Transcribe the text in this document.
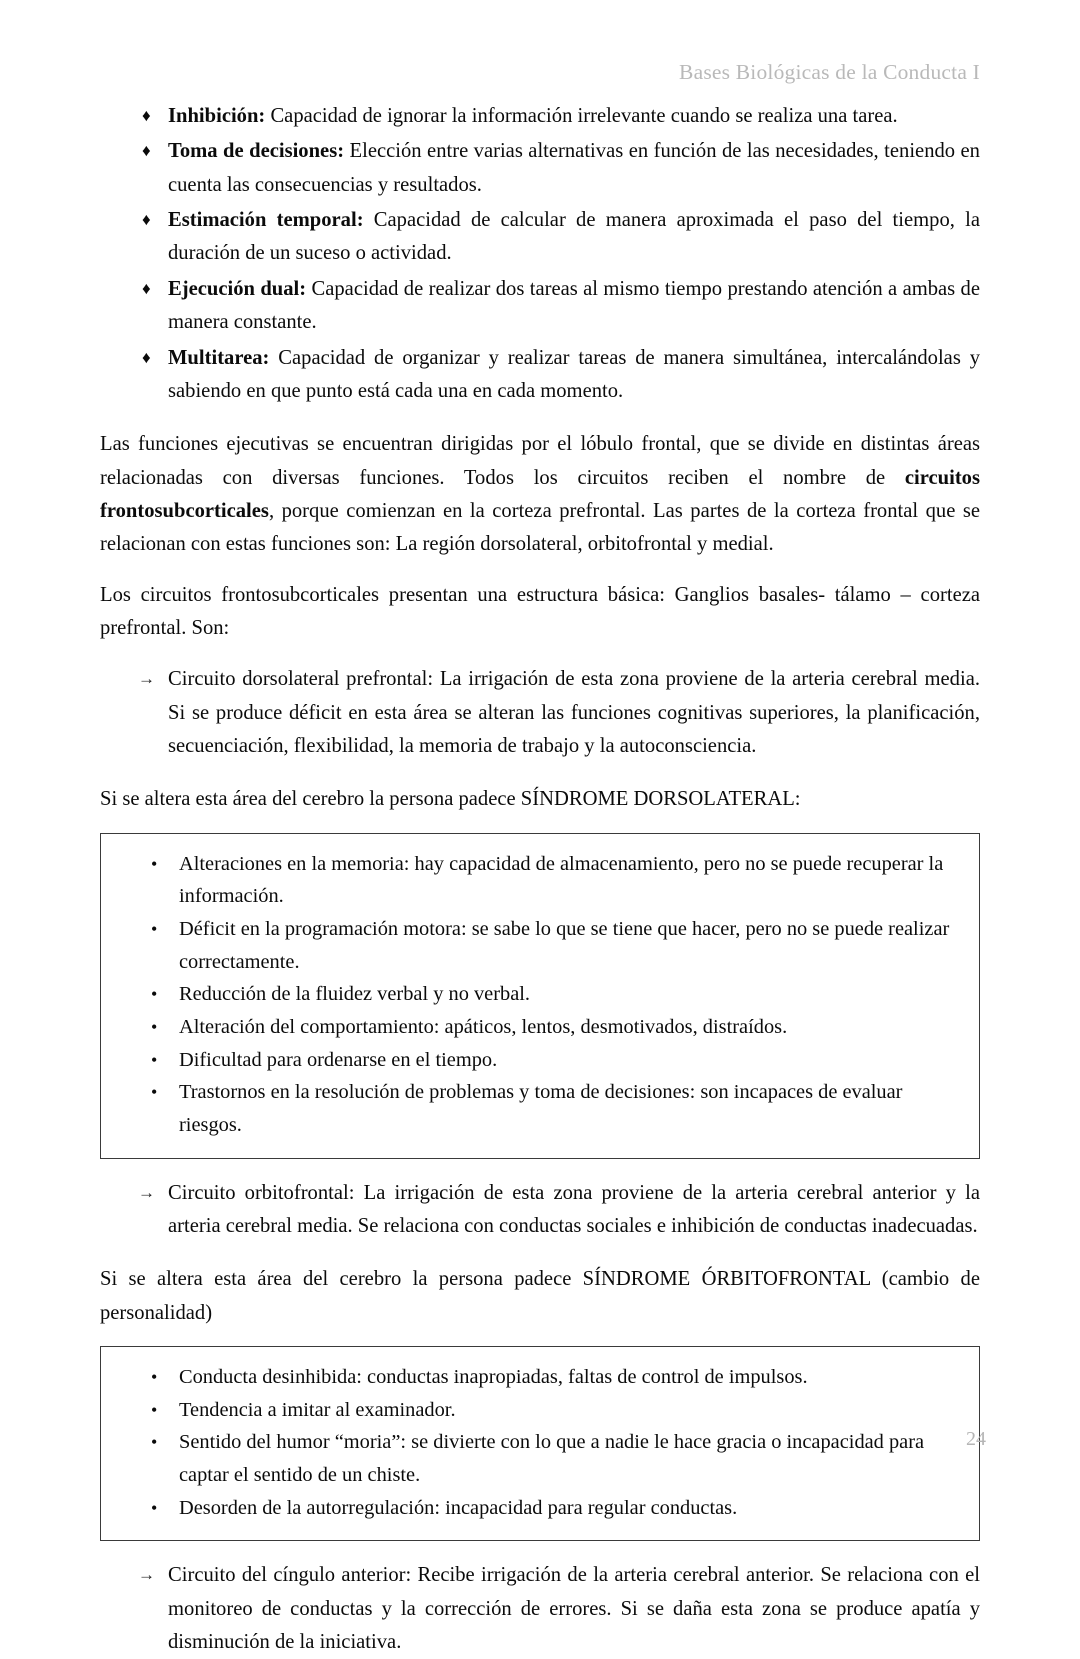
Bases Biológicas de la Conducta I
♦ Inhibición: Capacidad de ignorar la información irrelevante cuando se realiza una tarea.
♦ Toma de decisiones: Elección entre varias alternativas en función de las necesidades, teniendo en cuenta las consecuencias y resultados.
♦ Estimación temporal: Capacidad de calcular de manera aproximada el paso del tiempo, la duración de un suceso o actividad.
♦ Ejecución dual: Capacidad de realizar dos tareas al mismo tiempo prestando atención a ambas de manera constante.
♦ Multitarea: Capacidad de organizar y realizar tareas de manera simultánea, intercalándolas y sabiendo en que punto está cada una en cada momento.

Las funciones ejecutivas se encuentran dirigidas por el lóbulo frontal, que se divide en distintas áreas relacionadas con diversas funciones. Todos los circuitos reciben el nombre de circuitos frontosubcorticales, porque comienzan en la corteza prefrontal. Las partes de la corteza frontal que se relacionan con estas funciones son: La región dorsolateral, orbitofrontal y medial.

Los circuitos frontosubcorticales presentan una estructura básica: Ganglios basales- tálamo – corteza prefrontal. Son:

→ Circuito dorsolateral prefrontal: La irrigación de esta zona proviene de la arteria cerebral media. Si se produce déficit en esta área se alteran las funciones cognitivas superiores, la planificación, secuenciación, flexibilidad, la memoria de trabajo y la autoconsciencia.

Si se altera esta área del cerebro la persona padece SÍNDROME DORSOLATERAL:

• Alteraciones en la memoria: hay capacidad de almacenamiento, pero no se puede recuperar la información.
• Déficit en la programación motora: se sabe lo que se tiene que hacer, pero no se puede realizar correctamente.
• Reducción de la fluidez verbal y no verbal.
• Alteración del comportamiento: apáticos, lentos, desmotivados, distraídos.
• Dificultad para ordenarse en el tiempo.
• Trastornos en la resolución de problemas y toma de decisiones: son incapaces de evaluar riesgos.
→ Circuito orbitofrontal: La irrigación de esta zona proviene de la arteria cerebral anterior y la arteria cerebral media. Se relaciona con conductas sociales e inhibición de conductas inadecuadas.

Si se altera esta área del cerebro la persona padece SÍNDROME ÓRBITOFRONTAL (cambio de personalidad)

• Conducta desinhibida: conductas inapropiadas, faltas de control de impulsos.
• Tendencia a imitar al examinador.
• Sentido del humor “moria”: se divierte con lo que a nadie le hace gracia o incapacidad para captar el sentido de un chiste.
• Desorden de la autorregulación: incapacidad para regular conductas.
→ Circuito del cíngulo anterior: Recibe irrigación de la arteria cerebral anterior. Se relaciona con el monitoreo de conductas y la corrección de errores. Si se daña esta zona se produce apatía y disminución de la iniciativa.
24
